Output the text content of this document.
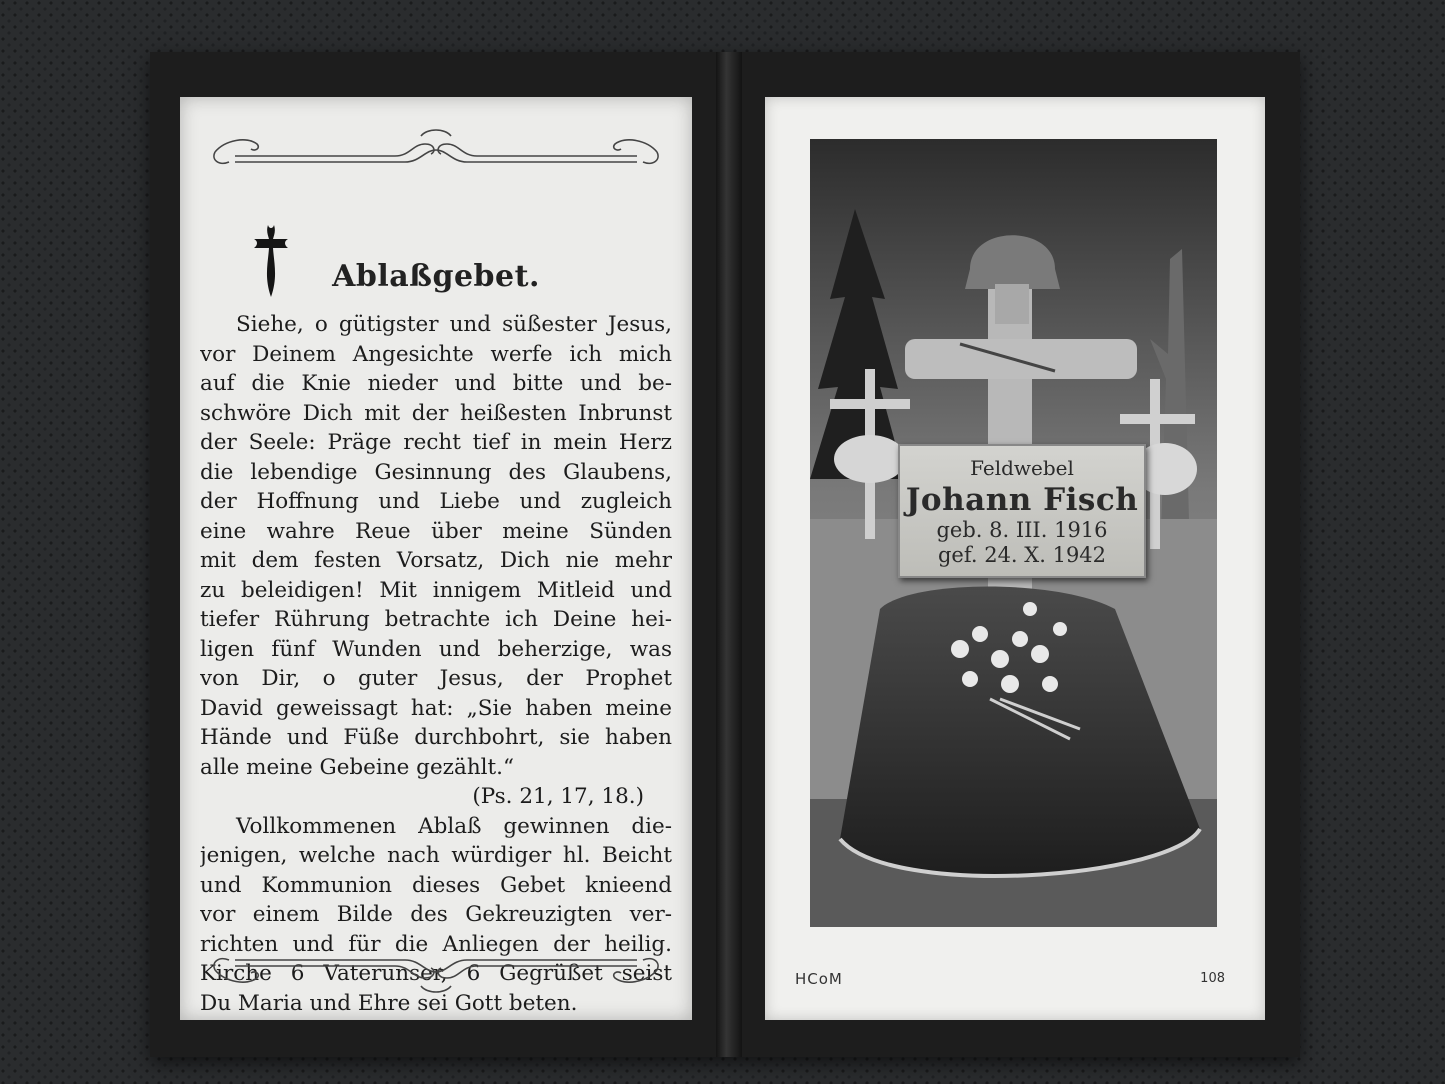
Ablaßgebet.
Siehe, o gütigster und süßester Jesus,
vor Deinem Angesichte werfe ich mich
auf die Knie nieder und bitte und be-
schwöre Dich mit der heißesten Inbrunst
der Seele: Präge recht tief in mein Herz
die lebendige Gesinnung des Glaubens,
der Hoffnung und Liebe und zugleich
eine wahre Reue über meine Sünden
mit dem festen Vorsatz, Dich nie mehr
zu beleidigen! Mit innigem Mitleid und
tiefer Rührung betrachte ich Deine hei-
ligen fünf Wunden und beherzige, was
von Dir, o guter Jesus, der Prophet
David geweissagt hat: „Sie haben meine
Hände und Füße durchbohrt, sie haben
alle meine Gebeine gezählt.“
(Ps. 21, 17, 18.)
Vollkommenen Ablaß gewinnen die-
jenigen, welche nach würdiger hl. Beicht
und Kommunion dieses Gebet knieend
vor einem Bilde des Gekreuzigten ver-
richten und für die Anliegen der heilig.
Kirche 6 Vaterunser, 6 Gegrüßet seist
Du Maria und Ehre sei Gott beten.
Feldwebel
Johann Fisch
geb. 8. III. 1916
gef. 24. X. 1942
HCoM	108
